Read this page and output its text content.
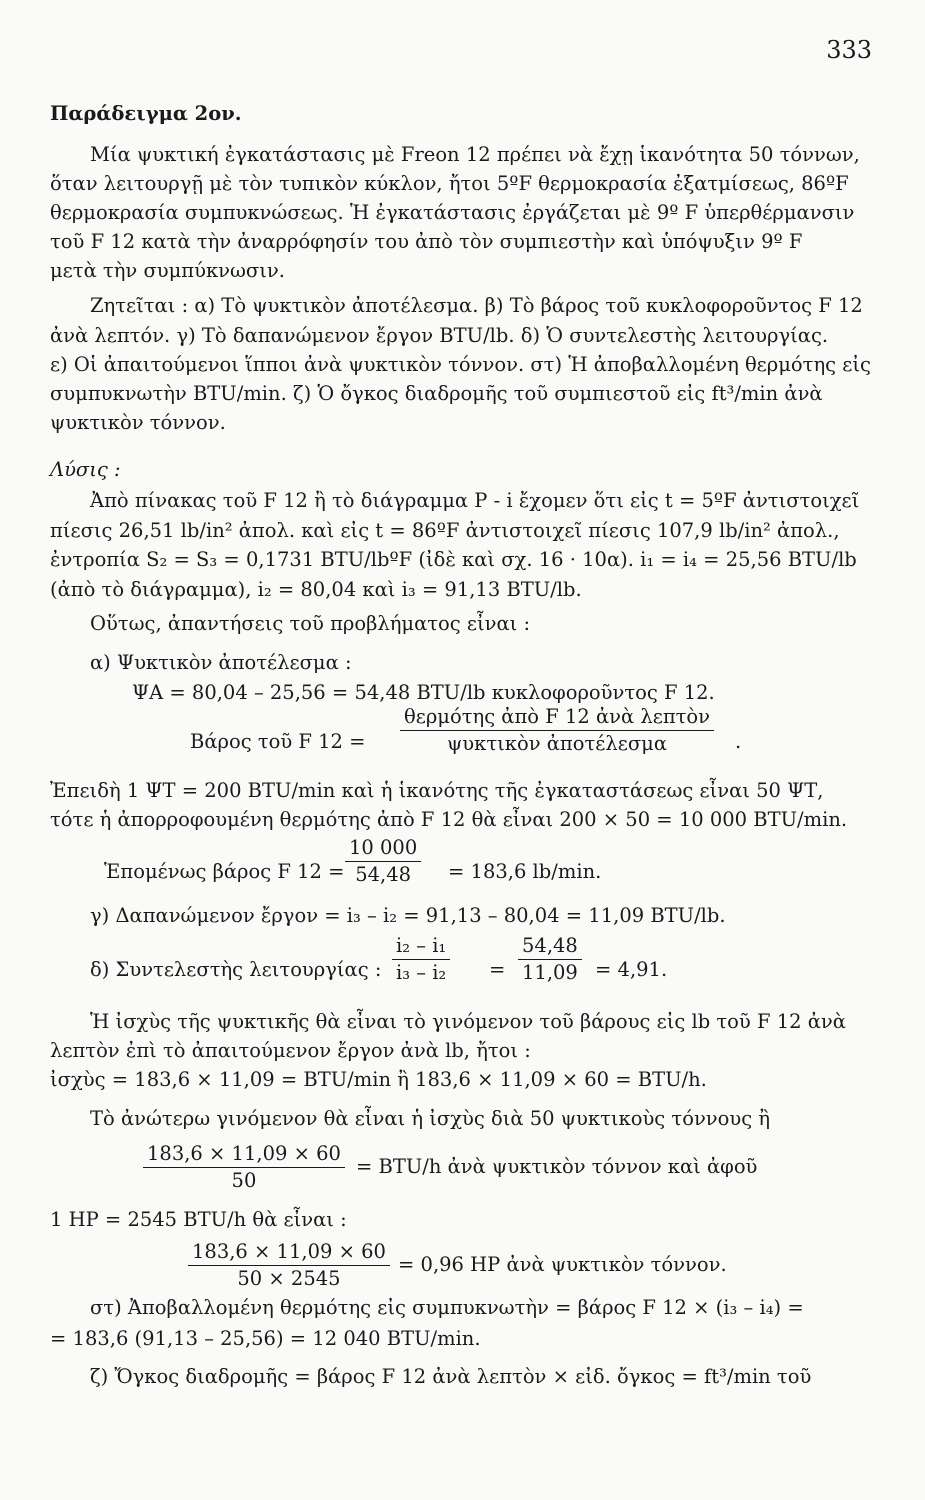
333
Παράδειγμα 2ον.
Μία ψυκτική ἐγκατάστασις μὲ Freon 12 πρέπει νὰ ἔχῃ ἱκανότητα 50 τόννων,
ὅταν λειτουργῇ μὲ τὸν τυπικὸν κύκλον, ἤτοι 5ºF θερμοκρασία ἐξατμίσεως, 86ºF
θερμοκρασία συμπυκνώσεως. Ἡ ἐγκατάστασις ἐργάζεται μὲ 9º F ὑπερθέρμανσιν
τοῦ F 12 κατὰ τὴν ἀναρρόφησίν του ἀπὸ τὸν συμπιεστὴν καὶ ὑπόψυξιν 9º F
μετὰ τὴν συμπύκνωσιν.
Ζητεῖται : α) Τὸ ψυκτικὸν ἀποτέλεσμα. β) Τὸ βάρος τοῦ κυκλοφοροῦντος F 12
ἀνὰ λεπτόν. γ) Τὸ δαπανώμενον ἔργον BTU/lb. δ) Ὁ συντελεστὴς λειτουργίας.
ε) Οἱ ἀπαιτούμενοι ἵπποι ἀνὰ ψυκτικὸν τόννον. στ) Ἡ ἀποβαλλομένη θερμότης εἰς
συμπυκνωτὴν BTU/min. ζ) Ὁ ὄγκος διαδρομῆς τοῦ συμπιεστοῦ εἰς ft³/min ἀνὰ
ψυκτικὸν τόννον.
Λύσις :
Ἀπὸ πίνακας τοῦ F 12 ἢ τὸ διάγραμμα P - i ἔχομεν ὅτι εἰς t = 5ºF ἀντιστοιχεῖ
πίεσις 26,51 lb/in² ἀπολ. καὶ εἰς t = 86ºF ἀντιστοιχεῖ πίεσις 107,9 lb/in² ἀπολ.,
ἐντροπία S₂ = S₃ = 0,1731 BTU/lbºF (ἰδὲ καὶ σχ. 16 · 10α). i₁ = i₄ = 25,56 BTU/lb
(ἀπὸ τὸ διάγραμμα), i₂ = 80,04 καὶ i₃ = 91,13 BTU/lb.
Οὕτως, ἀπαντήσεις τοῦ προβλήματος εἶναι :
α) Ψυκτικὸν ἀποτέλεσμα :
ΨΑ = 80,04 – 25,56 = 54,48 BTU/lb κυκλοφοροῦντος F 12.
Βάρος τοῦ F 12 =
θερμότης ἀπὸ F 12 ἀνὰ λεπτὸν
ψυκτικὸν ἀποτέλεσμα	.
Ἐπειδὴ 1 ΨΤ = 200 BTU/min καὶ ἡ ἱκανότης τῆς ἐγκαταστάσεως εἶναι 50 ΨΤ,
τότε ἡ ἀπορροφουμένη θερμότης ἀπὸ F 12 θὰ εἶναι 200 × 50 = 10 000 BTU/min.
Ἑπομένως βάρος F 12 =
10 000
54,48	= 183,6 lb/min.
γ) Δαπανώμενον ἔργον = i₃ – i₂ = 91,13 – 80,04 = 11,09 BTU/lb.
δ) Συντελεστὴς λειτουργίας :
i₂ – i₁
i₃ – i₂ =
54,48
11,09 = 4,91.
Ἡ ἰσχὺς τῆς ψυκτικῆς θὰ εἶναι τὸ γινόμενον τοῦ βάρους εἰς lb τοῦ F 12 ἀνὰ
λεπτὸν ἐπὶ τὸ ἀπαιτούμενον ἔργον ἀνὰ lb, ἤτοι :
ἰσχὺς = 183,6 × 11,09 = BTU/min ἢ 183,6 × 11,09 × 60 = BTU/h.
Τὸ ἀνώτερω γινόμενον θὰ εἶναι ἡ ἰσχὺς διὰ 50 ψυκτικοὺς τόννους ἢ
183,6 × 11,09 × 60
50
= BTU/h ἀνὰ ψυκτικὸν τόννον καὶ ἀφοῦ
1 HP = 2545 BTU/h θὰ εἶναι :
183,6 × 11,09 × 60
50 × 2545
= 0,96 HP ἀνὰ ψυκτικὸν τόννον.
στ) Ἀποβαλλομένη θερμότης εἰς συμπυκνωτὴν = βάρος F 12 × (i₃ – i₄) =
= 183,6 (91,13 – 25,56) = 12 040 BTU/min.
ζ) Ὄγκος διαδρομῆς = βάρος F 12 ἀνὰ λεπτὸν × εἰδ. ὄγκος = ft³/min τοῦ
